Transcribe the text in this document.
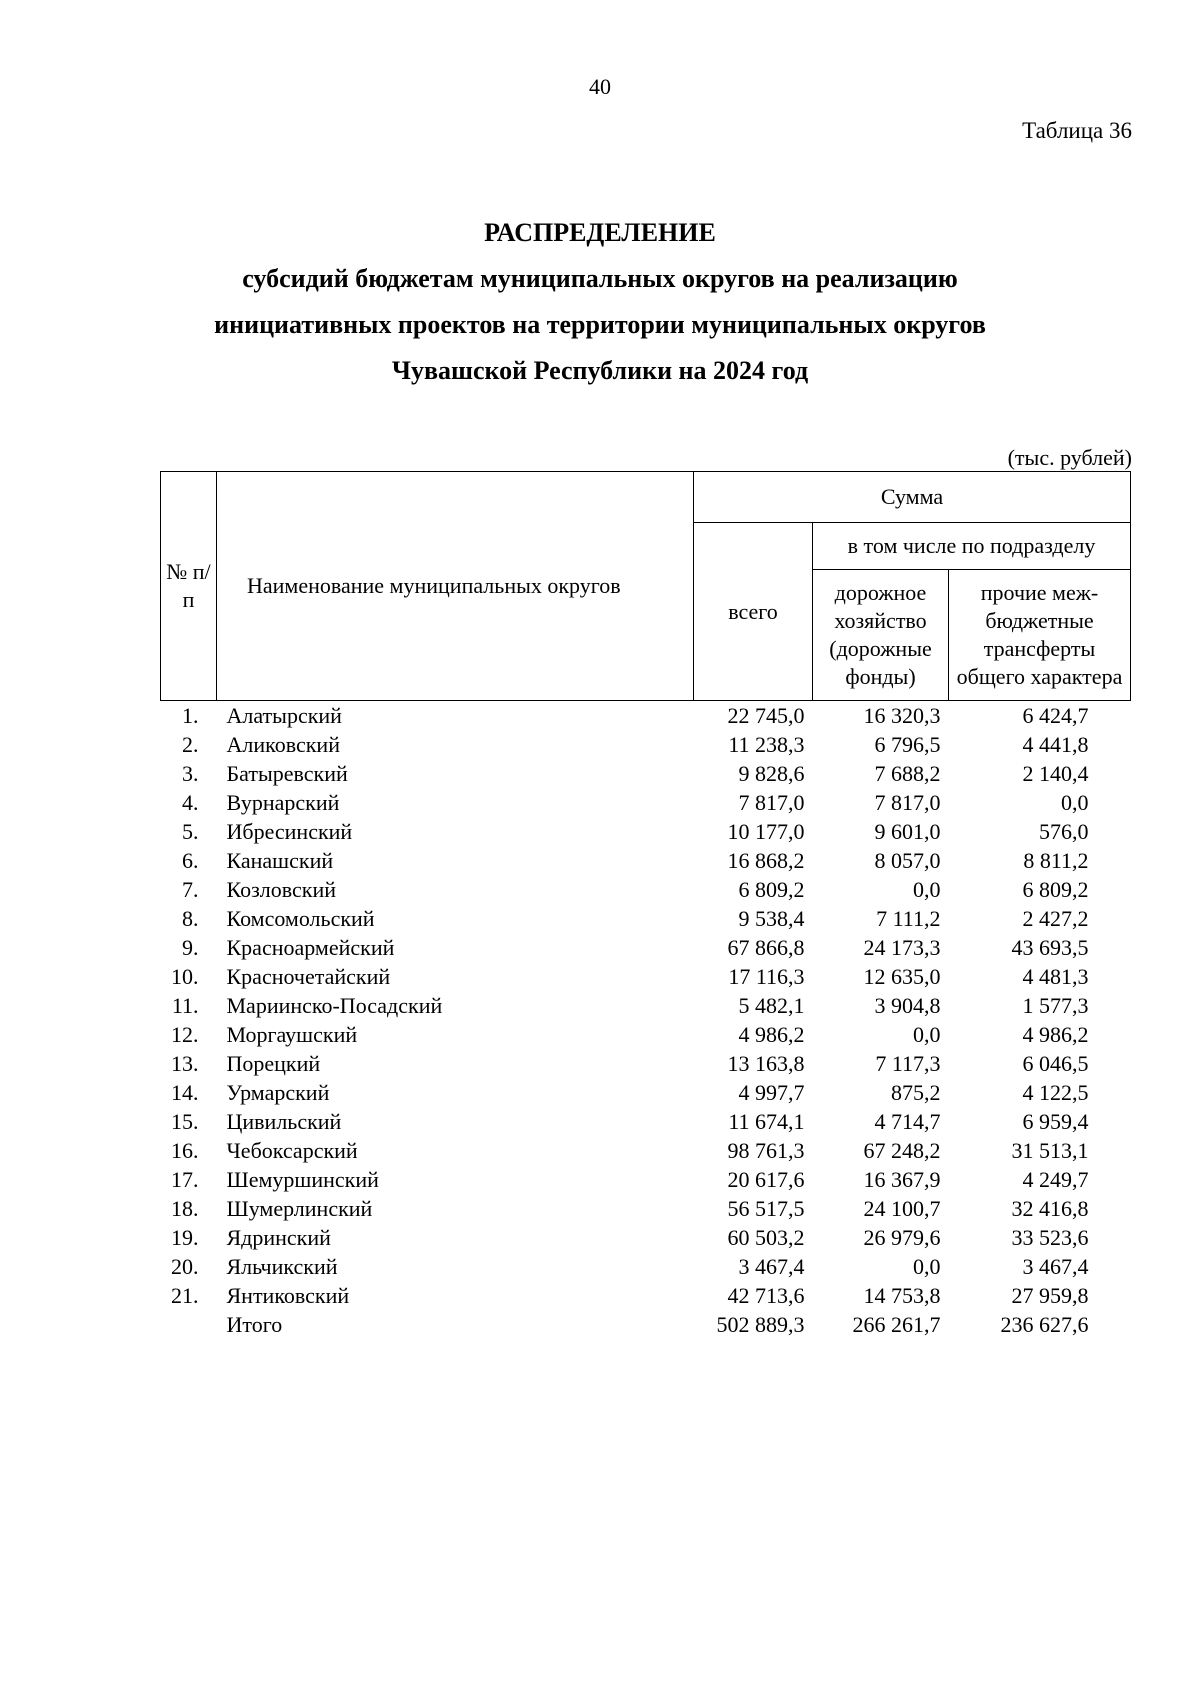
40
Таблица 36
РАСПРЕДЕЛЕНИЕ
субсидий бюджетам муниципальных округов на реализацию
инициативных проектов на территории муниципальных округов
Чувашской Республики на 2024 год
(тыс. рублей)
№ п/п	Наименование муниципальных округов	Сумма		
		всего	в том числе по подразделу	
			дорожное хозяйство (дорожные фонды)	прочие меж-бюджетные трансферты общего характера
1.	Алатырский	22 745,0	16 320,3	6 424,7
2.	Аликовский	11 238,3	6 796,5	4 441,8
3.	Батыревский	9 828,6	7 688,2	2 140,4
4.	Вурнарский	7 817,0	7 817,0	0,0
5.	Ибресинский	10 177,0	9 601,0	576,0
6.	Канашский	16 868,2	8 057,0	8 811,2
7.	Козловский	6 809,2	0,0	6 809,2
8.	Комсомольский	9 538,4	7 111,2	2 427,2
9.	Красноармейский	67 866,8	24 173,3	43 693,5
10.	Красночетайский	17 116,3	12 635,0	4 481,3
11.	Мариинско-Посадский	5 482,1	3 904,8	1 577,3
12.	Моргаушский	4 986,2	0,0	4 986,2
13.	Порецкий	13 163,8	7 117,3	6 046,5
14.	Урмарский	4 997,7	875,2	4 122,5
15.	Цивильский	11 674,1	4 714,7	6 959,4
16.	Чебоксарский	98 761,3	67 248,2	31 513,1
17.	Шемуршинский	20 617,6	16 367,9	4 249,7
18.	Шумерлинский	56 517,5	24 100,7	32 416,8
19.	Ядринский	60 503,2	26 979,6	33 523,6
20.	Яльчикский	3 467,4	0,0	3 467,4
21.	Янтиковский	42 713,6	14 753,8	27 959,8
	Итого	502 889,3	266 261,7	236 627,6
